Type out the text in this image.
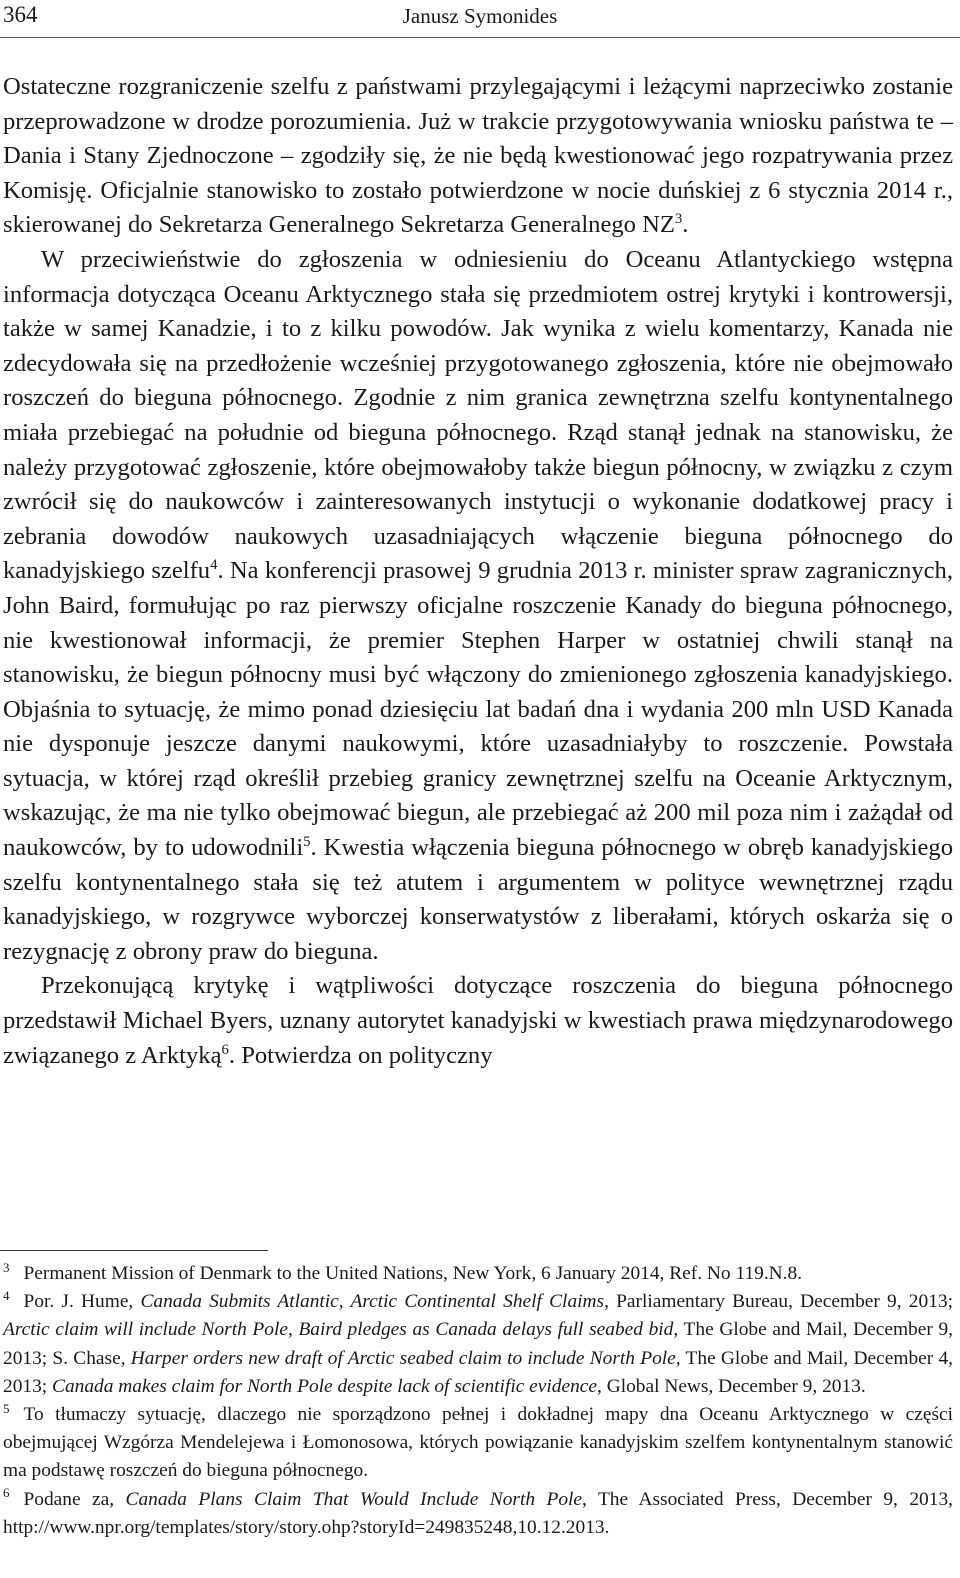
364	Janusz Symonides

Ostateczne rozgraniczenie szelfu z państwami przylegającymi i leżącymi naprzeciwko zostanie przeprowadzone w drodze porozumienia. Już w trakcie przygotowywania wniosku państwa te – Dania i Stany Zjednoczone – zgodziły się, że nie będą kwestionować jego rozpatrywania przez Komisję. Oficjalnie stanowisko to zostało potwierdzone w nocie duńskiej z 6 stycznia 2014 r., skierowanej do Sekretarza Generalnego Sekretarza Generalnego $NZ^3$.

W przeciwieństwie do zgłoszenia w odniesieniu do Oceanu Atlantyckiego wstępna informacja dotycząca Oceanu Arktycznego stała się przedmiotem ostrej krytyki i kontrowersji, także w samej Kanadzie, i to z kilku powodów. Jak wynika z wielu komentarzy, Kanada nie zdecydowała się na przedłożenie wcześniej przygotowanego zgłoszenia, które nie obejmowało roszczeń do bieguna północnego. Zgodnie z nim granica zewnętrzna szelfu kontynentalnego miała przebiegać na południe od bieguna północnego. Rząd stanął jednak na stanowisku, że należy przygotować zgłoszenie, które obejmowałoby także biegun północny, w związku z czym zwrócił się do naukowców i zainteresowanych instytucji o wykonanie dodatkowej pracy i zebrania dowodów naukowych uzasadniających włączenie bieguna północnego do kanadyjskiego szelfu$^4$. Na konferencji prasowej 9 grudnia 2013 r. minister spraw zagranicznych, John Baird, formułując po raz pierwszy oficjalne roszczenie Kanady do bieguna północnego, nie kwestionował informacji, że premier Stephen Harper w ostatniej chwili stanął na stanowisku, że biegun północny musi być włączony do zmienionego zgłoszenia kanadyjskiego. Objaśnia to sytuację, że mimo ponad dziesięciu lat badań dna i wydania 200 mln USD Kanada nie dysponuje jeszcze danymi naukowymi, które uzasadniałyby to roszczenie. Powstała sytuacja, w której rząd określił przebieg granicy zewnętrznej szelfu na Oceanie Arktycznym, wskazując, że ma nie tylko obejmować biegun, ale przebiegać aż 200 mil poza nim i zażądał od naukowców, by to udowodnili$^5$. Kwestia włączenia bieguna północnego w obręb kanadyjskiego szelfu kontynentalnego stała się też atutem i argumentem w polityce wewnętrznej rządu kanadyjskiego, w rozgrywce wyborczej konserwatystów z liberałami, których oskarża się o rezygnację z obrony praw do bieguna.

Przekonującą krytykę i wątpliwości dotyczące roszczenia do bieguna północnego przedstawił Michael Byers, uznany autorytet kanadyjski w kwestiach prawa międzynarodowego związanego z Arktyką$^6$. Potwierdza on polityczny

$^3$ Permanent Mission of Denmark to the United Nations, New York, 6 January 2014, Ref. No 119.N.8.

$^4$ Por. J. Hume, Canada Submits Atlantic, Arctic Continental Shelf Claims, Parliamentary Bureau, December 9, 2013; Arctic claim will include North Pole, Baird pledges as Canada delays full seabed bid, The Globe and Mail, December 9, 2013; S. Chase, Harper orders new draft of Arctic seabed claim to include North Pole, The Globe and Mail, December 4, 2013; Canada makes claim for North Pole despite lack of scientific evidence, Global News, December 9, 2013.

$^5$ To tłumaczy sytuację, dlaczego nie sporządzono pełnej i dokładnej mapy dna Oceanu Arktycznego w części obejmującej Wzgórza Mendelejewa i Łomonosowa, których powiązanie kanadyjskim szelfem kontynentalnym stanowić ma podstawę roszczeń do bieguna północnego.

$^6$ Podane za, Canada Plans Claim That Would Include North Pole, The Associated Press, December 9, 2013, http://www.npr.org/templates/story/story.ohp?storyId=249835248,10.12.2013.
